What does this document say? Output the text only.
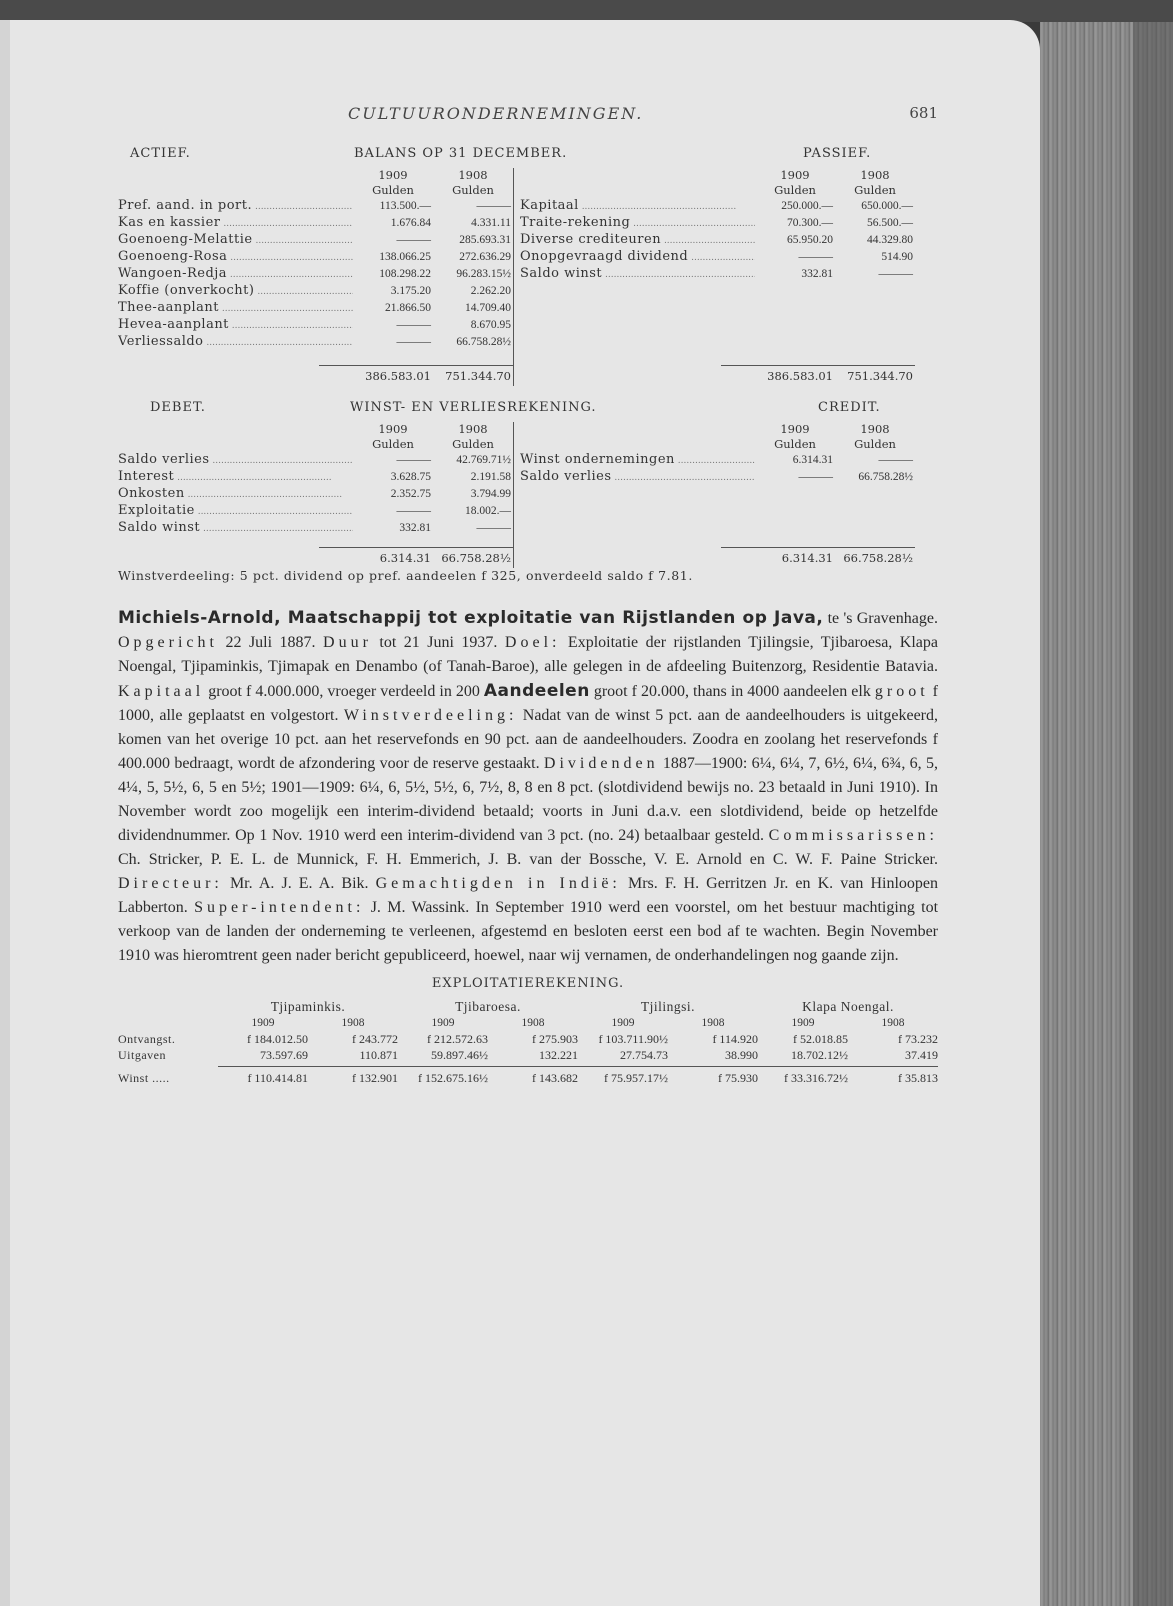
CULTUURONDERNEMINGEN.	681
ACTIEF.	BALANS OP 31 DECEMBER.	PASSIEF.
1909	1908
Gulden	Gulden
Pref. aand. in port. .....	113.500.—	———
Kas en kassier .....	1.676.84	4.331.11
Goenoeng-Melattie .....	———	285.693.31
Goenoeng-Rosa .....	138.066.25	272.636.29
Wangoen-Redja .....	108.298.22	96.283.15½
Koffie (onverkocht) .....	3.175.20	2.262.20
Thee-aanplant .....	21.866.50	14.709.40
Hevea-aanplant .....	———	8.670.95
Verliessaldo .....	———	66.758.28½
386.583.01	751.344.70
1909	1908
Gulden	Gulden
Kapitaal .....	250.000.—	650.000.—
Traite-rekening .....	70.300.—	56.500.—
Diverse crediteuren .....	65.950.20	44.329.80
Onopgevraagd dividend .....	———	514.90
Saldo winst .....	332.81	———
386.583.01	751.344.70
DEBET.	WINST- EN VERLIESREKENING.	CREDIT.
1909	1908
Gulden	Gulden
Saldo verlies .....	———	42.769.71½
Interest .....	3.628.75	2.191.58
Onkosten .....	2.352.75	3.794.99
Exploitatie .....	———	18.002.—
Saldo winst .....	332.81	———
6.314.31 66.758.28½
1909	1908
Gulden	Gulden
Winst ondernemingen .....	6.314.31	———
Saldo verlies .....	———	66.758.28½
6.314.31 66.758.28½
Winstverdeeling: 5 pct. dividend op pref. aandeelen f 325, onverdeeld saldo f 7.81.
Michiels-Arnold, Maatschappij tot exploitatie van Rijstlanden op Java, te 's Gravenhage. Opgericht 22 Juli 1887. Duur tot 21 Juni 1937. Doel: Exploitatie der rijstlanden Tjilingsie, Tjibaroesa, Klapa Noengal, Tjipaminkis, Tjimapak en Denambo (of Tanah-Baroe), alle gelegen in de afdeeling Buitenzorg, Residentie Batavia. Kapitaal groot f 4.000.000, vroeger verdeeld in 200 Aandeelen groot f 20.000, thans in 4000 aandeelen elk groot f 1000, alle geplaatst en volgestort. Winstverdeeling: Nadat van de winst 5 pct. aan de aandeelhouders is uitgekeerd, komen van het overige 10 pct. aan het reservefonds en 90 pct. aan de aandeelhouders. Zoodra en zoolang het reservefonds f 400.000 bedraagt, wordt de afzondering voor de reserve gestaakt. Dividenden 1887—1900: 6¼, 6¼, 7, 6½, 6¼, 6¾, 6, 5, 4¼, 5, 5½, 6, 5 en 5½; 1901—1909: 6¼, 6, 5½, 5½, 6, 7½, 8, 8 en 8 pct. (slotdividend bewijs no. 23 betaald in Juni 1910). In November wordt zoo mogelijk een interim-dividend betaald; voorts in Juni d.a.v. een slotdividend, beide op hetzelfde dividendnummer. Op 1 Nov. 1910 werd een interim-dividend van 3 pct. (no. 24) betaalbaar gesteld. Commissarissen: Ch. Stricker, P. E. L. de Munnick, F. H. Emmerich, J. B. van der Bossche, V. E. Arnold en C. W. F. Paine Stricker. Directeur: Mr. A. J. E. A. Bik. Gemachtigden in Indië: Mrs. F. H. Gerritzen Jr. en K. van Hinloopen Labberton. Super-intendent: J. M. Wassink. In September 1910 werd een voorstel, om het bestuur machtiging tot verkoop van de landen der onderneming te verleenen, afgestemd en besloten eerst een bod af te wachten. Begin November 1910 was hieromtrent geen nader bericht gepubliceerd, hoewel, naar wij vernamen, de onderhandelingen nog gaande zijn.
EXPLOITATIEREKENING.
Tjipaminkis.	Tjibaroesa.	Tjilingsi.	Klapa Noengal.
1909	1908	1909	1908	1909	1908	1909	1908
Ontvangst.	f 184.012.50	f 243.772	f 212.572.63	f 275.903	f 103.711.90½	f 114.920	f 52.018.85	f 73.232
Uitgaven	73.597.69	110.871	59.897.46½	132.221	27.754.73	38.990	18.702.12½	37.419
Winst .....	f 110.414.81	f 132.901	f 152.675.16½	f 143.682	f 75.957.17½	f 75.930	f 33.316.72½	f 35.813
